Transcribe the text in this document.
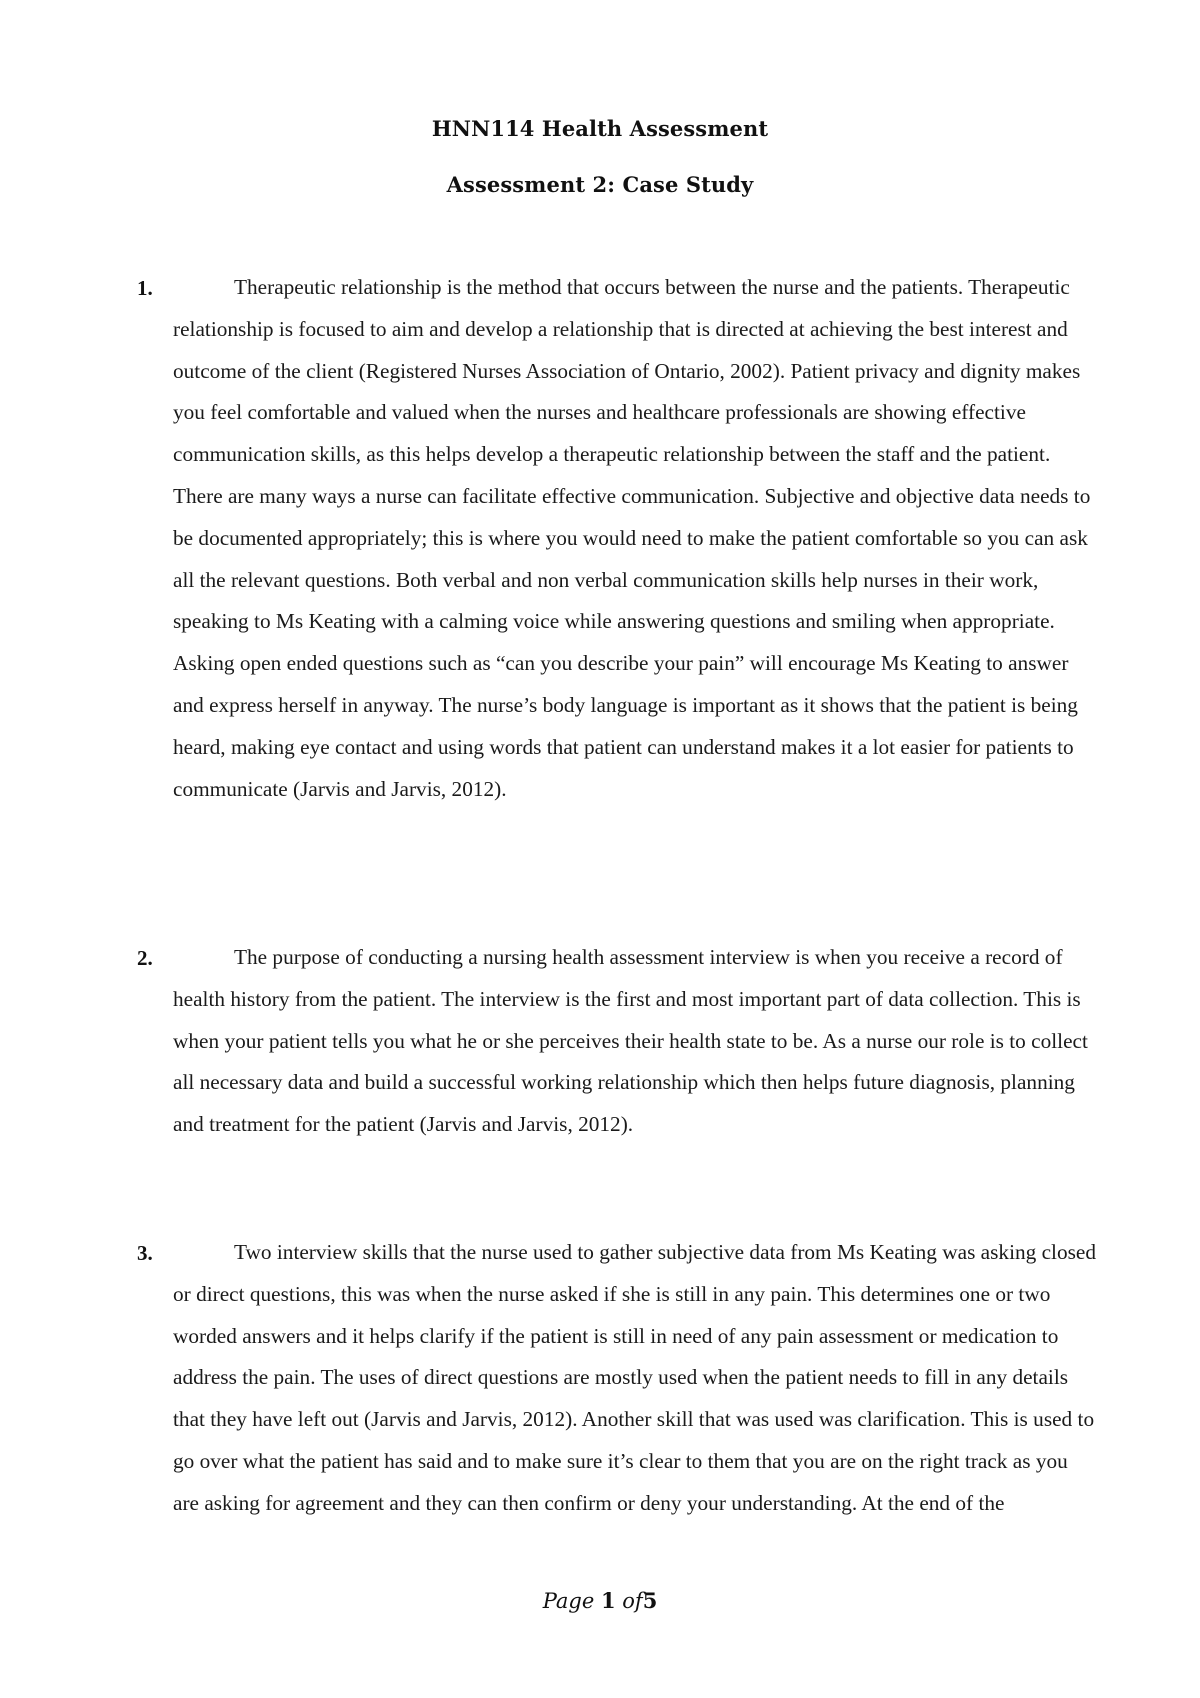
HNN114 Health Assessment
Assessment 2: Case Study
1.	Therapeutic relationship is the method that occurs between the nurse and the patients. Therapeutic relationship is focused to aim and develop a relationship that is directed at achieving the best interest and outcome of the client (Registered Nurses Association of Ontario, 2002). Patient privacy and dignity makes you feel comfortable and valued when the nurses and healthcare professionals are showing effective communication skills, as this helps develop a therapeutic relationship between the staff and the patient. There are many ways a nurse can facilitate effective communication. Subjective and objective data needs to be documented appropriately; this is where you would need to make the patient comfortable so you can ask all the relevant questions. Both verbal and non verbal communication skills help nurses in their work, speaking to Ms Keating with a calming voice while answering questions and smiling when appropriate. Asking open ended questions such as “can you describe your pain” will encourage Ms Keating to answer and express herself in anyway. The nurse’s body language is important as it shows that the patient is being heard, making eye contact and using words that patient can understand makes it a lot easier for patients to communicate (Jarvis and Jarvis, 2012).

2.	The purpose of conducting a nursing health assessment interview is when you receive a record of health history from the patient. The interview is the first and most important part of data collection. This is when your patient tells you what he or she perceives their health state to be. As a nurse our role is to collect all necessary data and build a successful working relationship which then helps future diagnosis, planning and treatment for the patient (Jarvis and Jarvis, 2012).

3.	Two interview skills that the nurse used to gather subjective data from Ms Keating was asking closed or direct questions, this was when the nurse asked if she is still in any pain. This determines one or two worded answers and it helps clarify if the patient is still in need of any pain assessment or medication to address the pain. The uses of direct questions are mostly used when the patient needs to fill in any details that they have left out (Jarvis and Jarvis, 2012). Another skill that was used was clarification. This is used to go over what the patient has said and to make sure it’s clear to them that you are on the right track as you are asking for agreement and they can then confirm or deny your understanding. At the end of the

Page 1 of5
